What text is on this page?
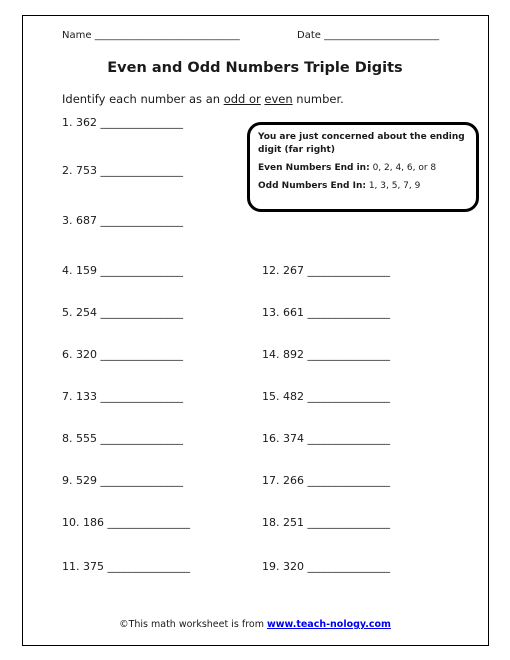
Name _____________________________	Date _______________________
Even and Odd Numbers Triple Digits
Identify each number as an odd or even number.
You are just concerned about the ending digit (far right)
Even Numbers End in: 0, 2, 4, 6, or 8
Odd Numbers End In: 1, 3, 5, 7, 9
1. 362 _______________
2. 753 _______________
3. 687 _______________
4. 159 _______________
5. 254 _______________
6. 320 _______________
7. 133 _______________
8. 555 _______________
9. 529 _______________
10. 186 _______________
11. 375 _______________
12. 267 _______________
13. 661 _______________
14. 892 _______________
15. 482 _______________
16. 374 _______________
17. 266 _______________
18. 251 _______________
19. 320 _______________
©This math worksheet is from www.teach-nology.com
